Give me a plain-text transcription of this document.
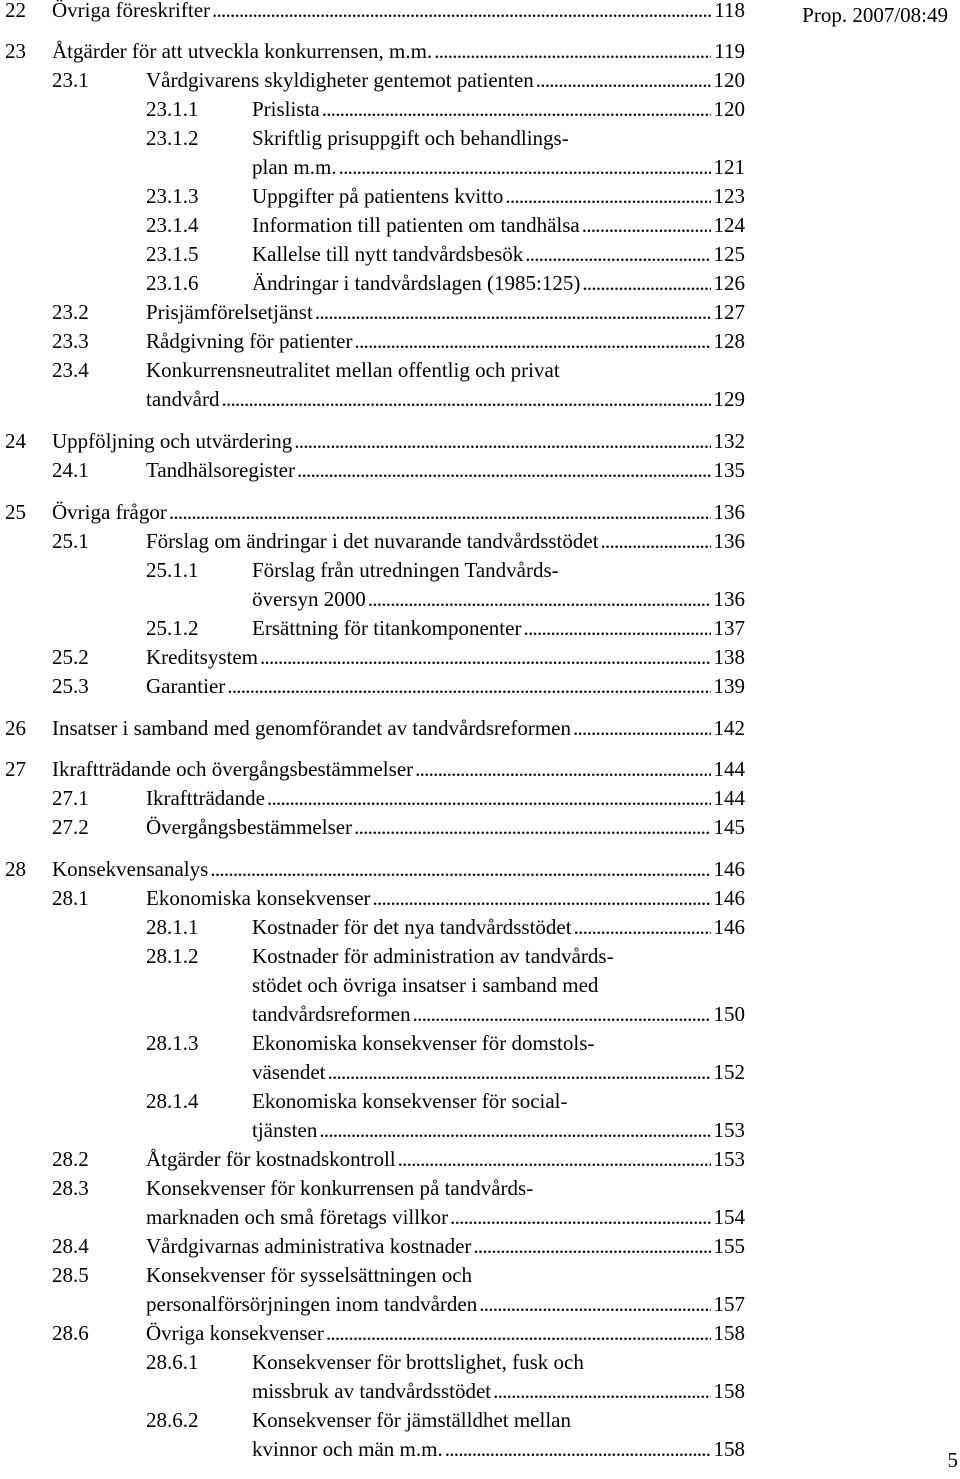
Prop. 2007/08:49
22 Övriga föreskrifter . . .	118
23 Åtgärder för att utveckla konkurrensen, m.m. . . .	119
23.1	Vårdgivarens skyldigheter gentemot patienten . . .	120
23.1.1	Prislista . . .	120
23.1.2	Skriftlig prisuppgift och behandlings-
plan m.m. . . .	121
23.1.3	Uppgifter på patientens kvitto . . .	123
23.1.4	Information till patienten om tandhälsa . . .	124
23.1.5	Kallelse till nytt tandvårdsbesök . . .	125
23.1.6	Ändringar i tandvårdslagen (1985:125) . . .	126
23.2	Prisjämförelsetjänst . . .	127
23.3	Rådgivning för patienter . . .	128
23.4	Konkurrensneutralitet mellan offentlig och privat
tandvård . . .	129
24 Uppföljning och utvärdering . . .	132
24.1	Tandhälsoregister . . .	135
25 Övriga frågor . . .	136
25.1	Förslag om ändringar i det nuvarande tandvårdsstödet . . .	136
25.1.1	Förslag från utredningen Tandvårds-
översyn 2000 . . .	136
25.1.2	Ersättning för titankomponenter . . .	137
25.2	Kreditsystem . . .	138
25.3	Garantier . . .	139
26 Insatser i samband med genomförandet av tandvårdsreformen . . .	142
27 Ikraftträdande och övergångsbestämmelser . . .	144
27.1	Ikraftträdande . . .	144
27.2	Övergångsbestämmelser . . .	145
28 Konsekvensanalys . . .	146
28.1	Ekonomiska konsekvenser . . .	146
28.1.1	Kostnader för det nya tandvårdsstödet . . .	146
28.1.2	Kostnader för administration av tandvårds-
stödet och övriga insatser i samband med
tandvårdsreformen . . .	150
28.1.3	Ekonomiska konsekvenser för domstols-
väsendet . . .	152
28.1.4	Ekonomiska konsekvenser för social-
tjänsten . . .	153
28.2	Åtgärder för kostnadskontroll . . .	153
28.3	Konsekvenser för konkurrensen på tandvårds-
marknaden och små företags villkor . . .	154
28.4	Vårdgivarnas administrativa kostnader . . .	155
28.5	Konsekvenser för sysselsättningen och
personalförsörjningen inom tandvården . . .	157
28.6	Övriga konsekvenser . . .	158
28.6.1	Konsekvenser för brottslighet, fusk och
missbruk av tandvårdsstödet . . .	158
28.6.2	Konsekvenser för jämställdhet mellan
kvinnor och män m.m. . . .	158	5
